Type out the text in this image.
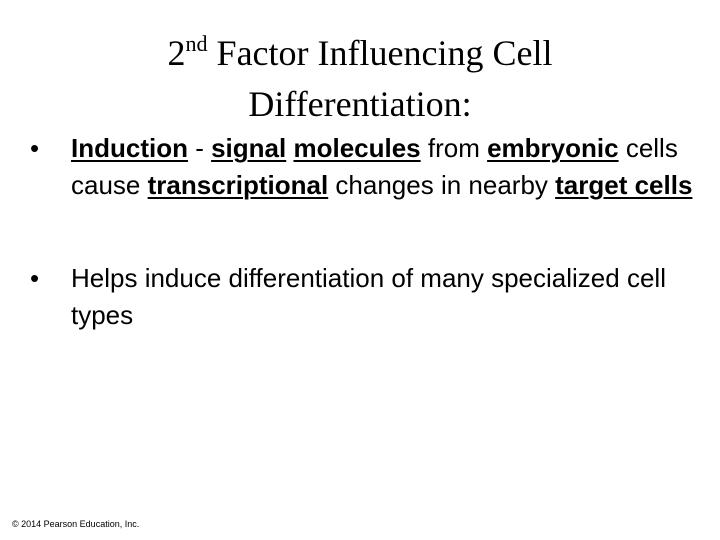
2nd Factor Influencing Cell
Differentiation:
•	Induction - signal molecules from embryonic cells cause transcriptional changes in nearby target cells
•	Helps induce differentiation of many specialized cell types
© 2014 Pearson Education, Inc.
